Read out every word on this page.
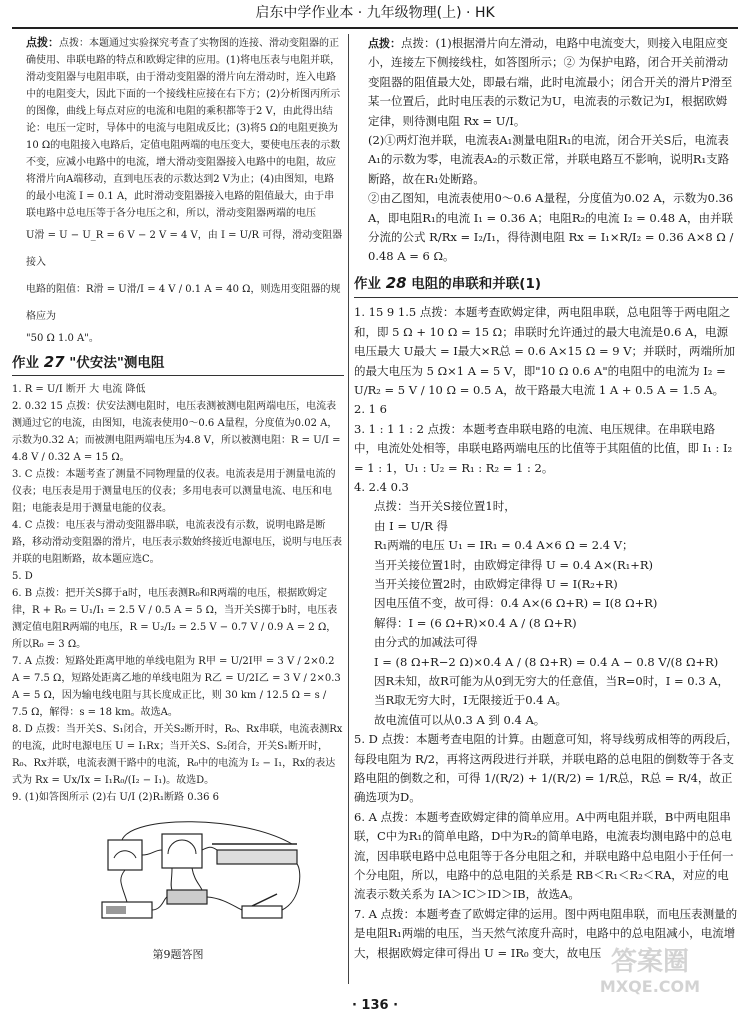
启东中学作业本 · 九年级物理(上) · HK

点拨：点拨：本题通过实验探究考查了实物图的连接、滑动变阻器的正确使用、串联电路的特点和欧姆定律的应用。(1)将电压表与电阻并联，滑动变阻器与电阻串联，由于滑动变阻器的滑片向左滑动时，连入电路中的电阻变大，因此下面的一个接线柱应接在右下方；(2)分析图丙所示的图像，曲线上每点对应的电流和电阻的乘积都等于2 V，由此得出结论：电压一定时，导体中的电流与电阻成反比；(3)将5 Ω的电阻更换为10 Ω的电阻接入电路后，定值电阻两端的电压变大，要使电压表的示数不变，应减小电路中的电流，增大滑动变阻器接入电路中的电阻，故应将滑片向A端移动，直到电压表的示数达到2 V为止；(4)由图知，电路的最小电流 I = 0.1 A，此时滑动变阻器接入电路的阻值最大，由于串联电路中总电压等于各分电压之和，所以，滑动变阻器两端的电压

U滑 = U − U_R = 6 V − 2 V = 4 V，由 I = U/R 可得，滑动变阻器接入

电路的阻值：R滑 = U滑/I = 4 V / 0.1 A = 40 Ω，则选用变阻器的规格应为

"50 Ω 1.0 A"。

作业 27 "伏安法"测电阻

1. R = U/I 断开 大 电流 降低

2. 0.32 15 点拨：伏安法测电阻时，电压表测被测电阻两端电压，电流表测通过它的电流，由图知，电流表使用0～0.6 A量程，分度值为0.02 A，示数为0.32 A；而被测电阻两端电压为4.8 V，所以被测电阻：R = U/I = 4.8 V / 0.32 A = 15 Ω。

3. C 点拨：本题考查了测量不同物理量的仪表。电流表是用于测量电流的仪表；电压表是用于测量电压的仪表；多用电表可以测量电流、电压和电阻；电能表是用于测量电能的仪表。

4. C 点拨：电压表与滑动变阻器串联，电流表没有示数，说明电路是断路，移动滑动变阻器的滑片，电压表示数始终接近电源电压，说明与电压表并联的电阻断路，故本题应选C。

5. D

6. B 点拨：把开关S掷于a时，电压表测R₀和R两端的电压，根据欧姆定律，R + R₀ = U₁/I₁ = 2.5 V / 0.5 A = 5 Ω，当开关S掷于b时，电压表测定值电阻R两端的电压，R = U₂/I₂ = 2.5 V − 0.7 V / 0.9 A = 2 Ω，所以R₀ = 3 Ω。

7. A 点拨：短路处距离甲地的单线电阻为 R甲 = U/2I甲 = 3 V / 2×0.2 A = 7.5 Ω，短路处距离乙地的单线电阻为 R乙 = U/2I乙 = 3 V / 2×0.3 A = 5 Ω，因为输电线电阻与其长度成正比，则 30 km / 12.5 Ω = s / 7.5 Ω，解得：s = 18 km。故选A。

8. D 点拨：当开关S、S₁闭合，开关S₂断开时，R₀、Rx串联，电流表测Rx的电流，此时电源电压 U = I₁Rx；当开关S、S₂闭合，开关S₁断开时，R₀、Rx并联，电流表测干路中的电流，R₀中的电流为 I₂ − I₁，Rx的表达式为 Rx = Ux/Ix = I₁R₀/(I₂ − I₁)。故选D。

9. (1)如答图所示 (2)右 U/I (2)R₁断路 0.36 6

第9题答图

点拨：点拨：(1)根据滑片向左滑动，电路中电流变大，则接入电阻应变小，连接左下侧接线柱，如答图所示；② 为保护电路，闭合开关前滑动变阻器的阻值最大处，即最右端，此时电流最小；闭合开关的滑片P滑至某一位置后，此时电压表的示数记为U，电流表的示数记为I，根据欧姆定律，则待测电阻 Rx = U/I。

(2)①两灯泡并联，电流表A₁测量电阻R₁的电流，闭合开关S后，电流表A₁的示数为零，电流表A₂的示数正常，并联电路互不影响，说明R₁支路断路，故在R₁处断路。

②由乙图知，电流表使用0～0.6 A量程，分度值为0.02 A，示数为0.36 A，即电阻R₁的电流 I₁ = 0.36 A；电阻R₂的电流 I₂ = 0.48 A，由并联分流的公式 R/Rx = I₂/I₁，得待测电阻 Rx = I₁×R/I₂ = 0.36 A×8 Ω / 0.48 A = 6 Ω。

作业 28 电阻的串联和并联(1)

1. 15 9 1.5 点拨：本题考查欧姆定律，两电阻串联，总电阻等于两电阻之和，即 5 Ω + 10 Ω = 15 Ω；串联时允许通过的最大电流是0.6 A，电源电压最大 U最大 = I最大×R总 = 0.6 A×15 Ω = 9 V；并联时，两端所加的最大电压为 5 Ω×1 A = 5 V，即"10 Ω 0.6 A"的电阻中的电流为 I₂ = U/R₂ = 5 V / 10 Ω = 0.5 A，故干路最大电流 1 A + 0.5 A = 1.5 A。

2. 1 6

3. 1 : 1 1 : 2 点拨：本题考查串联电路的电流、电压规律。在串联电路中，电流处处相等，串联电路两端电压的比值等于其阻值的比值，即 I₁ : I₂ = 1 : 1，U₁ : U₂ = R₁ : R₂ = 1 : 2。

4. 2.4 0.3

点拨：当开关S接位置1时，

由 I = U/R 得

R₁两端的电压 U₁ = IR₁ = 0.4 A×6 Ω = 2.4 V；

当开关接位置1时，由欧姆定律得 U = 0.4 A×(R₁+R)

当开关接位置2时，由欧姆定律得 U = I(R₂+R)

因电压值不变，故可得：0.4 A×(6 Ω+R) = I(8 Ω+R)

解得：I = (6 Ω+R)×0.4 A / (8 Ω+R)

由分式的加减法可得

I = (8 Ω+R−2 Ω)×0.4 A / (8 Ω+R) = 0.4 A − 0.8 V/(8 Ω+R)

因R未知，故R可能为从0到无穷大的任意值，当R=0时，I = 0.3 A，当R取无穷大时，I无限接近于0.4 A。

故电流值可以从0.3 A 到 0.4 A。

5. D 点拨：本题考查电阻的计算。由题意可知，将导线剪成相等的两段后，每段电阻为 R/2，再将这两段进行并联，并联电路的总电阻的倒数等于各支路电阻的倒数之和，可得 1/(R/2) + 1/(R/2) = 1/R总，R总 = R/4，故正确选项为D。

6. A 点拨：本题考查欧姆定律的简单应用。A中两电阻并联，B中两电阻串联，C中为R₁的简单电路，D中为R₂的简单电路，电流表均测电路中的总电流，因串联电路中总电阻等于各分电阻之和，并联电路中总电阻小于任何一个分电阻，所以，电路中的总电阻的关系是 RB＜R₁＜R₂＜RA，对应的电流表示数关系为 IA＞IC＞ID＞IB，故选A。

7. A 点拨：本题考查了欧姆定律的运用。图中两电阻串联，而电压表测量的是电阻R₁两端的电压，当天然气浓度升高时，电路中的总电阻减小，电流增大，根据欧姆定律可得出 U = IR₀ 变大，故电压

· 136 ·
答案圈
MXQE.COM
